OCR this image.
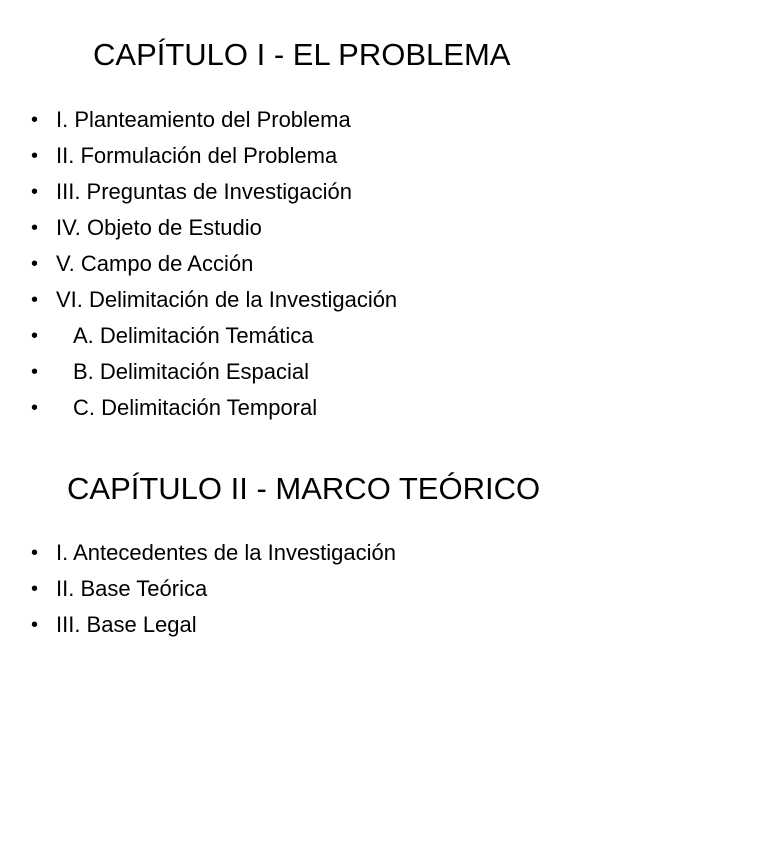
CAPÍTULO I - EL PROBLEMA
• I. Planteamiento del Problema
• II. Formulación del Problema
• III. Preguntas de Investigación
• IV. Objeto de Estudio
• V. Campo de Acción
• VI. Delimitación de la Investigación
• A. Delimitación Temática
• B. Delimitación Espacial
• C. Delimitación Temporal
CAPÍTULO II - MARCO TEÓRICO
• I. Antecedentes de la Investigación
• II. Base Teórica
• III. Base Legal
